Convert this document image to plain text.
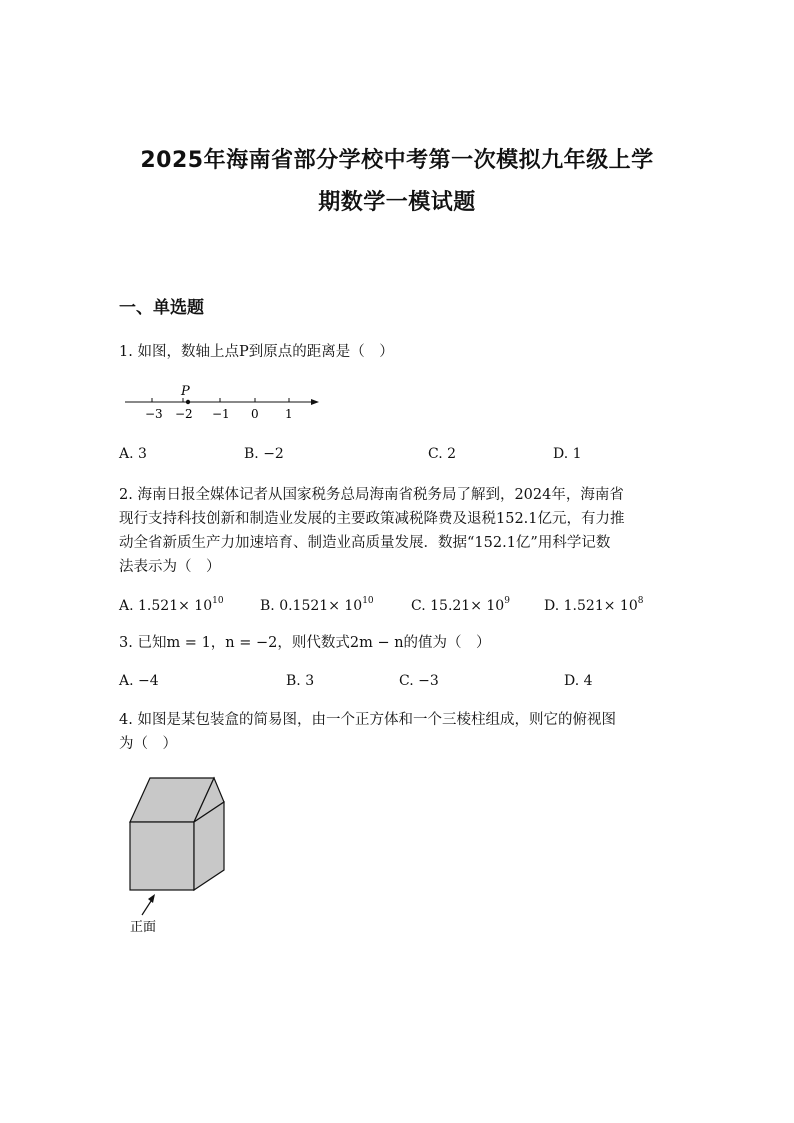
2025年海南省部分学校中考第一次模拟九年级上学
期数学一模试题
一、单选题
1. 如图，数轴上点P到原点的距离是（　）
P
−3 −2 −1 0 1
A. 3	B. −2	C. 2	D. 1
2. 海南日报全媒体记者从国家税务总局海南省税务局了解到，2024年，海南省
现行支持科技创新和制造业发展的主要政策减税降费及退税152.1亿元，有力推
动全省新质生产力加速培育、制造业高质量发展．数据“152.1亿”用科学记数
法表示为（　）
A. $1.521\times 10^{10}$	B. $0.1521\times 10^{10}$	C. $15.21\times 10^9$ D. $1.521\times 10^8$
3. 已知m = 1，n = −2，则代数式2m − n的值为（　）
A. −4	B. 3	C. −3	D. 4
4. 如图是某包装盒的简易图，由一个正方体和一个三棱柱组成，则它的俯视图
为（　）
正面
